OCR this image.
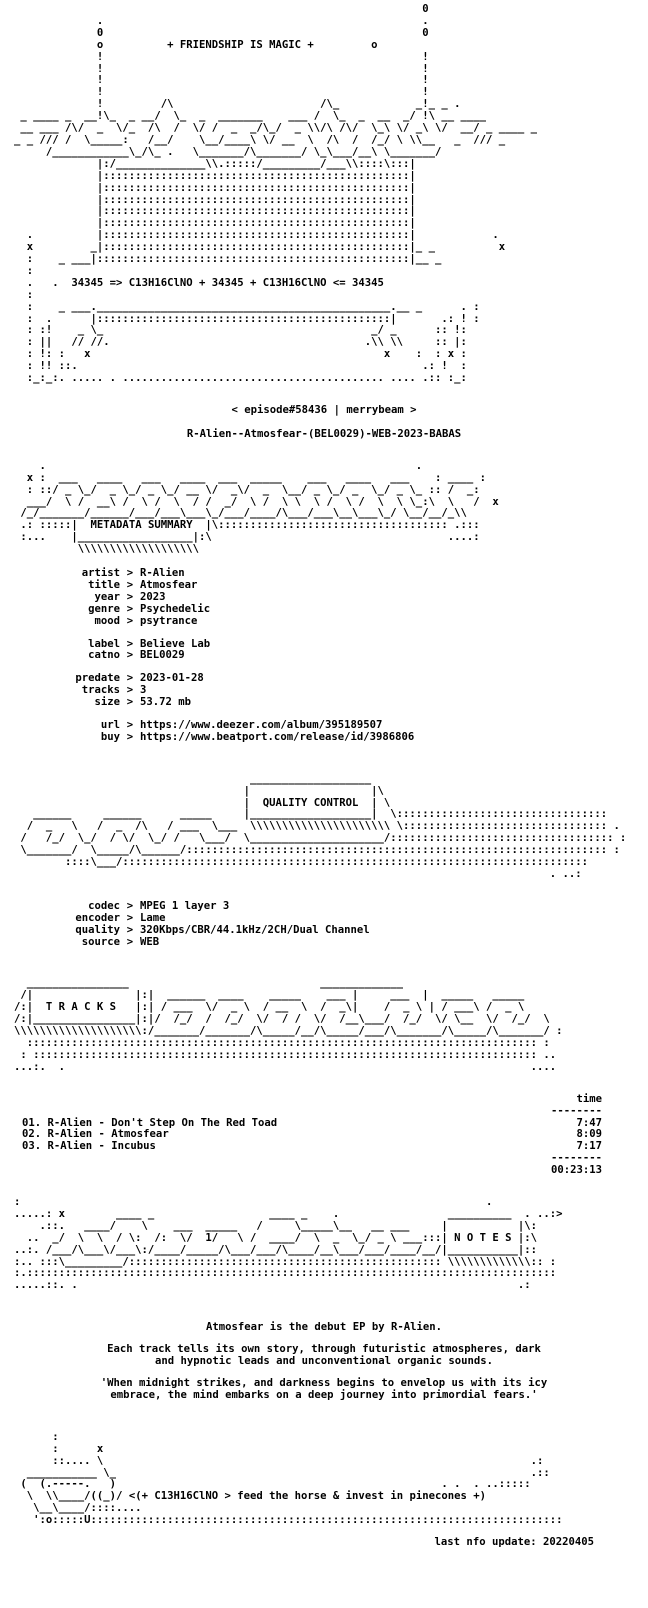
0
.                                                  .
0                                                  0
o	+ FRIENDSHIP IS MAGIC +	o
!                                                  !
!                                                  !
!                                                  !
!                                                  !
!         /\                       /\_            _!_ _ .
_ ____ _  __!\_  _ __/  \_  _  _______    ___ /  \_  _  __  _/ !\ __ ____
__ ___ /\/  _  \/_  /\  /  \/ /  _  _/\_/  _ \\/\ /\/  \_\ \/ _\ \/  __/ _ ____ _
_ _ /// /  \_____:   /__/    \__/____\ \/ __  \  /\  /  /_/ \ \\__   _  /// _
/____________\_/\_ .   \_______/\_______/ \_\___/__\ \_______/
|:/______________\\.:::::/_________/___\\::::\:::|
|::::::::::::::::::::::::::::::::::::::::::::::::|
|::::::::::::::::::::::::::::::::::::::::::::::::|
|::::::::::::::::::::::::::::::::::::::::::::::::|
|::::::::::::::::::::::::::::::::::::::::::::::::|
|::::::::::::::::::::::::::::::::::::::::::::::::|
.          |::::::::::::::::::::::::::::::::::::::::::::::::|            .
x         _|::::::::::::::::::::::::::::::::::::::::::::::::|_ _          x
:    _ ___|:::::::::::::::::::::::::::::::::::::::::::::::::|__ _
:
.   .  34345 => C13H16ClNO + 34345 + C13H16ClNO <= 34345
:
:    _ ___.______________________________________________.__ _      . :
:  .      |::::::::::::::::::::::::::::::::::::::::::::::|       .: ! :
: :!    _ \_                                          _/ _      :: !:
: ||   // //.                                        .\\ \\     :: |:
: !: :   x                                              x    :  : x :
: !! ::.                                                      .: !  :
:_:_:. ..... . ......................................... .... .:: :_:
< episode#58436 | merrybeam >
R-Alien--Atmosfear-(BEL0029)-WEB-2023-BABAS
.                                                          .
x :  ___   ____   ___   ____  ___  _____    ___   ____   ___    : ____ :
: ::/ _ \_/  _ \_/ _ \_/ __ \/  _\/  _  \__/ _ \_/ _  \_/ _ \_ :: /  _:
___/  \ /  __\ /  \ /  \  / /  _/  \ /  \ \  \ /  \ /  \  \ \_:\  \   /  x
/_/_______/______/___/___\___\_/___/____/\___/___\__\___\_/ \__/__/_\\
.: :::::|  METADATA SUMMARY  |\:::::::::::::::::::::::::::::::::::: .:::
:...    |__________________|:\                                     ....:
\\\\\\\\\\\\\\\\\\\
artist > R-Alien
title > Atmosfear
year > 2023
genre > Psychedelic
mood > psytrance
label > Believe Lab
catno > BEL0029
predate > 2023-01-28
tracks > 3
size > 53.72 mb
url > https://www.deezer.com/album/395189507
buy > https://www.beatport.com/release/id/3986806
___________________
|                   |\
|  QUALITY CONTROL  | \
______     ______      _____     |___________________|  \:::::::::::::::::::::::::::::::::
/  _   \   /  _  /\   / ___  \___  \\\\\\\\\\\\\\\\\\\\\\ \:::::::::::::::::::::::::::::::: .
/   /_/  \_/  / \/  \_/ /   \___/  \_____________________/::::::::::::::::::::::::::::::::::: :
\_______/  \_____/\______/:::::::::::::::::::::::::::::::::::::::::::::::::::::::::::::::::: :
::::\___/:::::::::::::::::::::::::::::::::::::::::::::::::::::::::::::::::::::::::
. ..:
codec > MPEG 1 layer 3
encoder > Lame
quality > 320Kbps/CBR/44.1kHz/2CH/Dual Channel
source > WEB
________________                              _____________
/|                |:|  ______  ____    _____    ___ |     ___  |  _____   _____
/:|  T R A C K S   |:| / ___  \/  _ \  / __  \  /  _\|    /  _ \ | / ___\ /  _ \
/:|________________|:|/  /_/  /  /_/  \/  / /  \/  /__\___/  /_/  \/ \__  \/  /_/  \
\\\\\\\\\\\\\\\\\\\\:/_______/_______/\_____/__/\_____/___/\_______/\_____/\_______/ :
:::::::::::::::::::::::::::::::::::::::::::::::::::::::::::::::::::::::::::::::: :
: ::::::::::::::::::::::::::::::::::::::::::::::::::::::::::::::::::::::::::::::: ..
...:.  .                                                                         ....
time
--------
01. R-Alien - Don't Step On The Red Toad	7:47
02. R-Alien - Atmosfear	8:09
03. R-Alien - Incubus	7:17
--------
00:23:13
:                                                                         .
.....: x        ____ _                  ____ _    .                 __________  . ..:>
.::.   ____/    \    ___  _____   /     \_____\__   __ ___     |           |\:
..  _/  \  \  / \:  /:  \/  1/   \ /  ____/  \  _  \_/ _ \ ___:::| N O T E S |:\
..:. /___/\___\/___\:/____/_____/\___/___/\____/__\___/___/____/__/|___________|::
:.. :::\_________/::::::::::::::::::::::::::::::::::::::::::::::::: \\\\\\\\\\\\\:: :
:.:::::::::::::::::::::::::::::::::::::::::::::::::::::::::::::::::::::::::::::::::::
.....::. .                                                                     .:

Atmosfear is the debut EP by R-Alien.

Each track tells its own story, through futuristic atmospheres, dark
and hypnotic leads and unconventional organic sounds.

'When midnight strikes, and darkness begins to envelop us with its icy
embrace, the mind embarks on a deep journey into primordial fears.'

:
:      x
::.... \                                                                   .:
___________ \_                                                                 .::
(  (.-----.   )                                                   . .  . ..:::::
\  \\____/((_)/ <(+ C13H16ClNO > feed the horse & invest in pinecones +)
\__\____/::::....
':o:::::U::::::::::::::::::::::::::::::::::::::::::::::::::::::::::::::::::::::::::
last nfo update: 20220405
